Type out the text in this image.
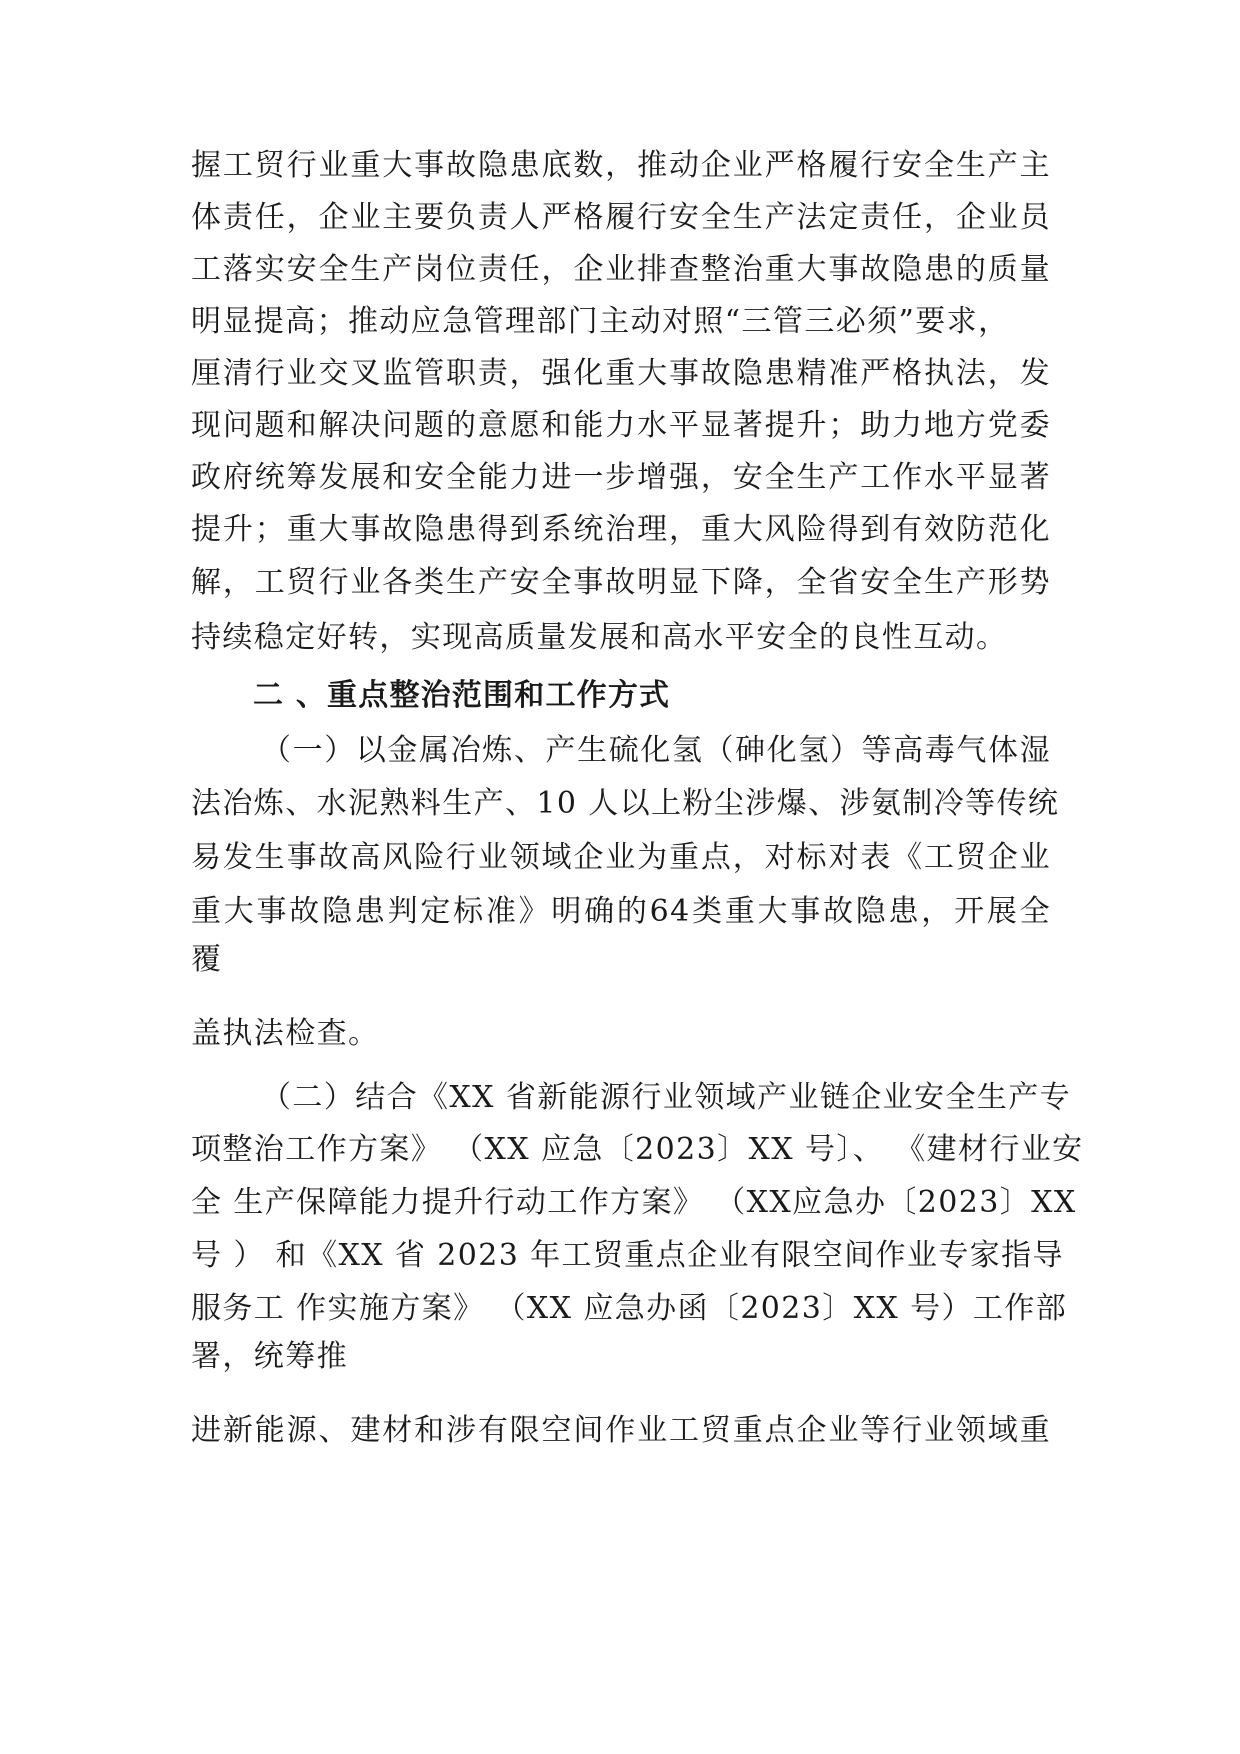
握工贸行业重大事故隐患底数，推动企业严格履行安全生产主
体责任，企业主要负责人严格履行安全生产法定责任，企业员
工落实安全生产岗位责任，企业排查整治重大事故隐患的质量
明显提高；推动应急管理部门主动对照“三管三必须”要求，
厘清行业交叉监管职责，强化重大事故隐患精准严格执法，发
现问题和解决问题的意愿和能力水平显著提升；助力地方党委
政府统筹发展和安全能力进一步增强，安全生产工作水平显著
提升；重大事故隐患得到系统治理，重大风险得到有效防范化
解，工贸行业各类生产安全事故明显下降，全省安全生产形势
持续稳定好转，实现高质量发展和高水平安全的良性互动。
二 、重点整治范围和工作方式
（一）以金属冶炼、产生硫化氢（砷化氢）等高毒气体湿
法冶炼、水泥熟料生产、10 人以上粉尘涉爆、涉氨制冷等传统
易发生事故高风险行业领域企业为重点，对标对表《工贸企业
重大事故隐患判定标准》明确的64类重大事故隐患，开展全
覆
盖执法检查。
（二）结合《XX 省新能源行业领域产业链企业安全生产专
项整治工作方案》 （XX 应急〔2023〕XX 号〕、 《建材行业安
全 生产保障能力提升行动工作方案》 （XX应急办〔2023〕XX
号 ） 和《XX 省 2023 年工贸重点企业有限空间作业专家指导
服务工 作实施方案》 （XX 应急办函〔2023〕XX 号）工作部
署，统筹推
进新能源、建材和涉有限空间作业工贸重点企业等行业领域重
